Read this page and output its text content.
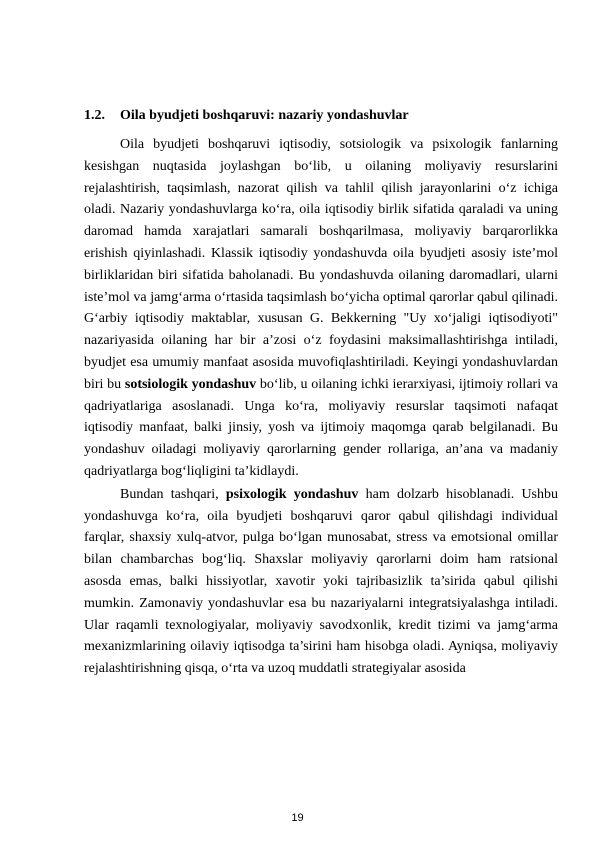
1.2. Oila byudjeti boshqaruvi: nazariy yondashuvlar

Oila byudjeti boshqaruvi iqtisodiy, sotsiologik va psixologik fanlarning kesishgan nuqtasida joylashgan bo‘lib, u oilaning moliyaviy resurslarini rejalashtirish, taqsimlash, nazorat qilish va tahlil qilish jarayonlarini o‘z ichiga oladi. Nazariy yondashuvlarga ko‘ra, oila iqtisodiy birlik sifatida qaraladi va uning daromad hamda xarajatlari samarali boshqarilmasa, moliyaviy barqarorlikka erishish qiyinlashadi. Klassik iqtisodiy yondashuvda oila byudjeti asosiy iste’mol birliklaridan biri sifatida baholanadi. Bu yondashuvda oilaning daromadlari, ularni iste’mol va jamg‘arma o‘rtasida taqsimlash bo‘yicha optimal qarorlar qabul qilinadi. G‘arbiy iqtisodiy maktablar, xususan G. Bekkerning "Uy xo‘jaligi iqtisodiyoti" nazariyasida oilaning har bir a’zosi o‘z foydasini maksimallashtirishga intiladi, byudjet esa umumiy manfaat asosida muvofiqlashtiriladi. Keyingi yondashuvlardan biri bu sotsiologik yondashuv bo‘lib, u oilaning ichki ierarxiyasi, ijtimoiy rollari va qadriyatlariga asoslanadi. Unga ko‘ra, moliyaviy resurslar taqsimoti nafaqat iqtisodiy manfaat, balki jinsiy, yosh va ijtimoiy maqomga qarab belgilanadi. Bu yondashuv oiladagi moliyaviy qarorlarning gender rollariga, an’ana va madaniy qadriyatlarga bog‘liqligini ta’kidlaydi.

Bundan tashqari, psixologik yondashuv ham dolzarb hisoblanadi. Ushbu yondashuvga ko‘ra, oila byudjeti boshqaruvi qaror qabul qilishdagi individual farqlar, shaxsiy xulq-atvor, pulga bo‘lgan munosabat, stress va emotsional omillar bilan chambarchas bog‘liq. Shaxslar moliyaviy qarorlarni doim ham ratsional asosda emas, balki hissiyotlar, xavotir yoki tajribasizlik ta’sirida qabul qilishi mumkin. Zamonaviy yondashuvlar esa bu nazariyalarni integratsiyalashga intiladi. Ular raqamli texnologiyalar, moliyaviy savodxonlik, kredit tizimi va jamg‘arma mexanizmlarining oilaviy iqtisodga ta’sirini ham hisobga oladi. Ayniqsa, moliyaviy rejalashtirishning qisqa, o‘rta va uzoq muddatli strategiyalar asosida

19
